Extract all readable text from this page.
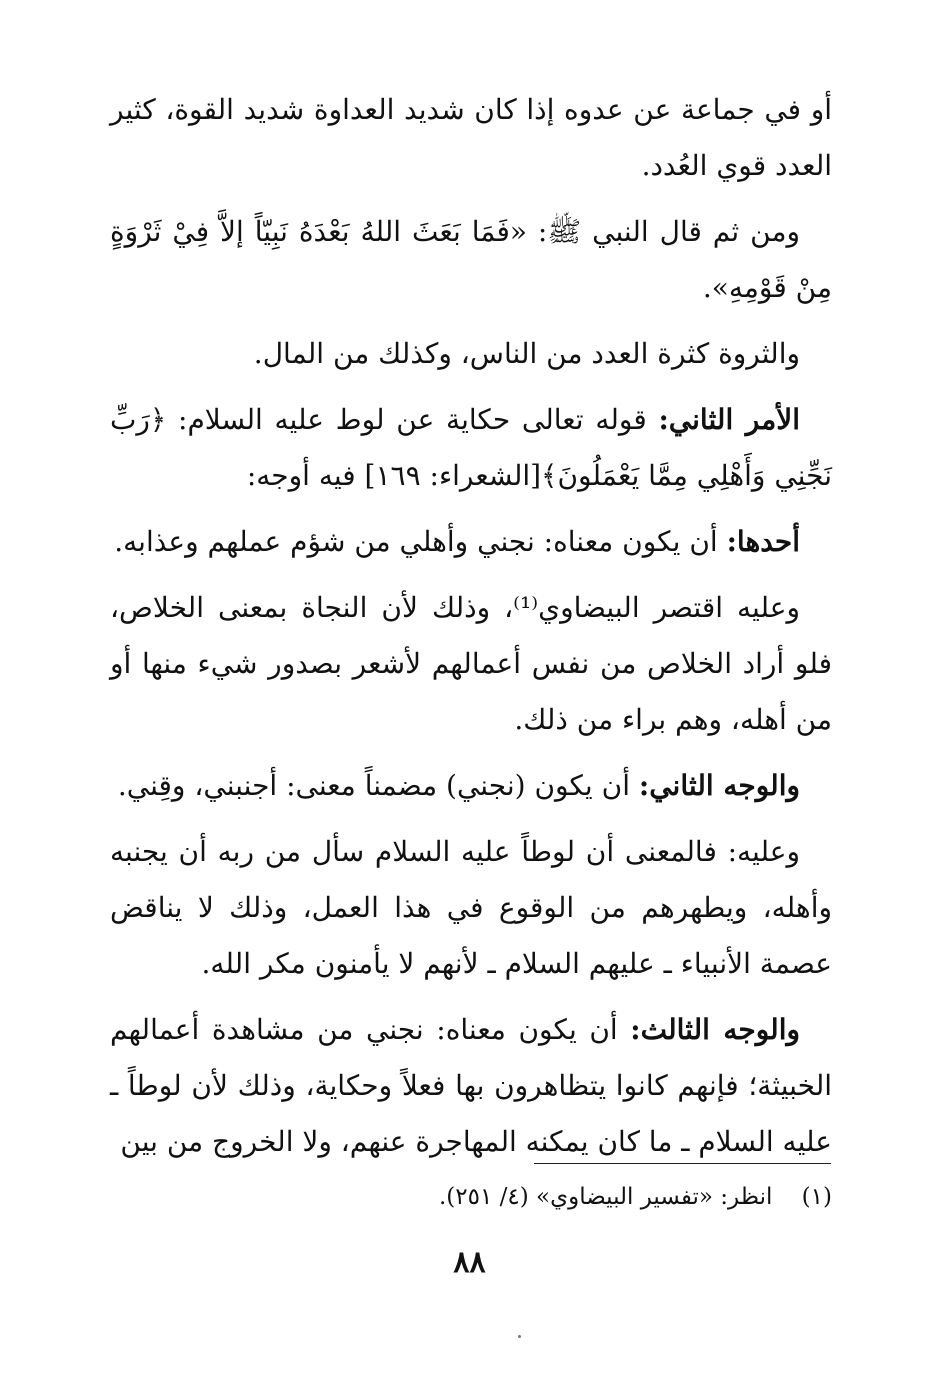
أو في جماعة عن عدوه إذا كان شديد العداوة شديد القوة، كثير العدد قوي العُدد.

ومن ثم قال النبي ﷺ: «فَمَا بَعَثَ اللهُ بَعْدَهُ نَبِيّاً إلاَّ فِيْ ثَرْوَةٍ مِنْ قَوْمِهِ».

والثروة كثرة العدد من الناس، وكذلك من المال.

الأمر الثاني: قوله تعالى حكاية عن لوط عليه السلام: ﴿رَبِّ نَجِّنِي وَأَهْلِي مِمَّا يَعْمَلُونَ﴾[الشعراء: ١٦٩] فيه أوجه:

أحدها: أن يكون معناه: نجني وأهلي من شؤم عملهم وعذابه.

وعليه اقتصر البيضاوي⁽¹⁾، وذلك لأن النجاة بمعنى الخلاص، فلو أراد الخلاص من نفس أعمالهم لأشعر بصدور شيء منها أو من أهله، وهم براء من ذلك.

والوجه الثاني: أن يكون (نجني) مضمناً معنى: أجنبني، وقِني.

وعليه: فالمعنى أن لوطاً عليه السلام سأل من ربه أن يجنبه وأهله، ويطهرهم من الوقوع في هذا العمل، وذلك لا يناقض عصمة الأنبياء ـ عليهم السلام ـ لأنهم لا يأمنون مكر الله.

والوجه الثالث: أن يكون معناه: نجني من مشاهدة أعمالهم الخبيثة؛ فإنهم كانوا يتظاهرون بها فعلاً وحكاية، وذلك لأن لوطاً ـ عليه السلام ـ ما كان يمكنه المهاجرة عنهم، ولا الخروج من بين

(١)    انظر: «تفسير البيضاوي» (٤/ ٢٥١).
٨٨
